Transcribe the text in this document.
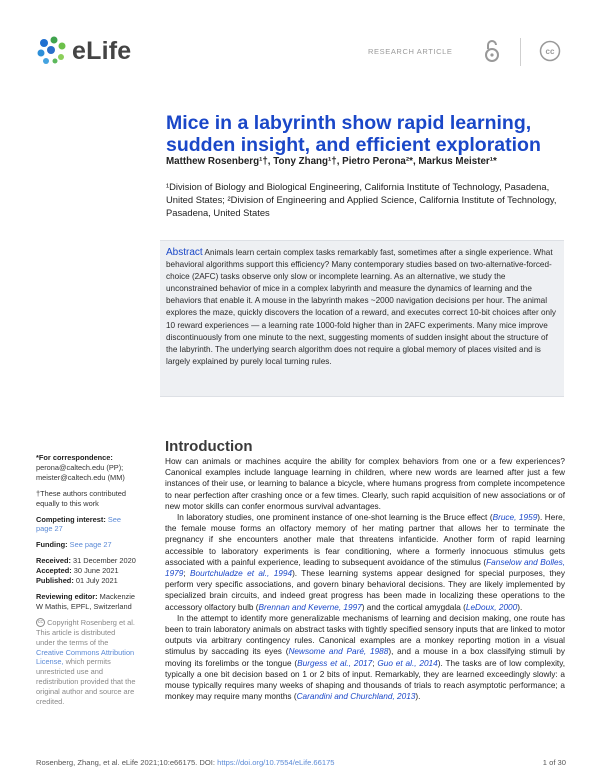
eLife	RESEARCH ARTICLE	cc
Mice in a labyrinth show rapid learning, sudden insight, and efficient exploration
Matthew Rosenberg¹†, Tony Zhang¹†, Pietro Perona²*, Markus Meister¹*
¹Division of Biology and Biological Engineering, California Institute of Technology, Pasadena, United States; ²Division of Engineering and Applied Science, California Institute of Technology, Pasadena, United States
Abstract Animals learn certain complex tasks remarkably fast, sometimes after a single experience. What behavioral algorithms support this efficiency? Many contemporary studies based on two-alternative-forced-choice (2AFC) tasks observe only slow or incomplete learning. As an alternative, we study the unconstrained behavior of mice in a complex labyrinth and measure the dynamics of learning and the behaviors that enable it. A mouse in the labyrinth makes ~2000 navigation decisions per hour. The animal explores the maze, quickly discovers the location of a reward, and executes correct 10-bit choices after only 10 reward experiences — a learning rate 1000-fold higher than in 2AFC experiments. Many mice improve discontinuously from one minute to the next, suggesting moments of sudden insight about the structure of the labyrinth. The underlying search algorithm does not require a global memory of places visited and is largely explained by purely local turning rules.
Introduction

How can animals or machines acquire the ability for complex behaviors from one or a few experiences? Canonical examples include language learning in children, where new words are learned after just a few instances of their use, or learning to balance a bicycle, where humans progress from complete incompetence to near perfection after crashing once or a few times. Clearly, such rapid acquisition of new associations or of new motor skills can confer enormous survival advantages.

In laboratory studies, one prominent instance of one-shot learning is the Bruce effect (Bruce, 1959). Here, the female mouse forms an olfactory memory of her mating partner that allows her to terminate the pregnancy if she encounters another male that threatens infanticide. Another form of rapid learning accessible to laboratory experiments is fear conditioning, where a formerly innocuous stimulus gets associated with a painful experience, leading to subsequent avoidance of the stimulus (Fanselow and Bolles, 1979; Bourtchuladze et al., 1994). These learning systems appear designed for special purposes, they perform very specific associations, and govern binary behavioral decisions. They are likely implemented by specialized brain circuits, and indeed great progress has been made in localizing these operations to the accessory olfactory bulb (Brennan and Keverne, 1997) and the cortical amygdala (LeDoux, 2000).

In the attempt to identify more generalizable mechanisms of learning and decision making, one route has been to train laboratory animals on abstract tasks with tightly specified sensory inputs that are linked to motor outputs via arbitrary contingency rules. Canonical examples are a monkey reporting motion in a visual stimulus by saccading its eyes (Newsome and Paré, 1988), and a mouse in a box classifying stimuli by moving its forelimbs or the tongue (Burgess et al., 2017; Guo et al., 2014). The tasks are of low complexity, typically a one bit decision based on 1 or 2 bits of input. Remarkably, they are learned exceedingly slowly: a mouse typically requires many weeks of shaping and thousands of trials to reach asymptotic performance; a monkey may require many months (Carandini and Churchland, 2013).

*For correspondence:
perona@caltech.edu (PP); meister@caltech.edu (MM)
†These authors contributed equally to this work
Competing interest: See page 27
Funding: See page 27
Received: 31 December 2020
Accepted: 30 June 2021
Published: 01 July 2021
Reviewing editor: Mackenzie W Mathis, EPFL, Switzerland
cc Copyright Rosenberg et al. This article is distributed under the terms of the Creative Commons Attribution License, which permits unrestricted use and redistribution provided that the original author and source are credited.
Rosenberg, Zhang, et al. eLife 2021;10:e66175. DOI: https://doi.org/10.7554/eLife.66175	1 of 30
